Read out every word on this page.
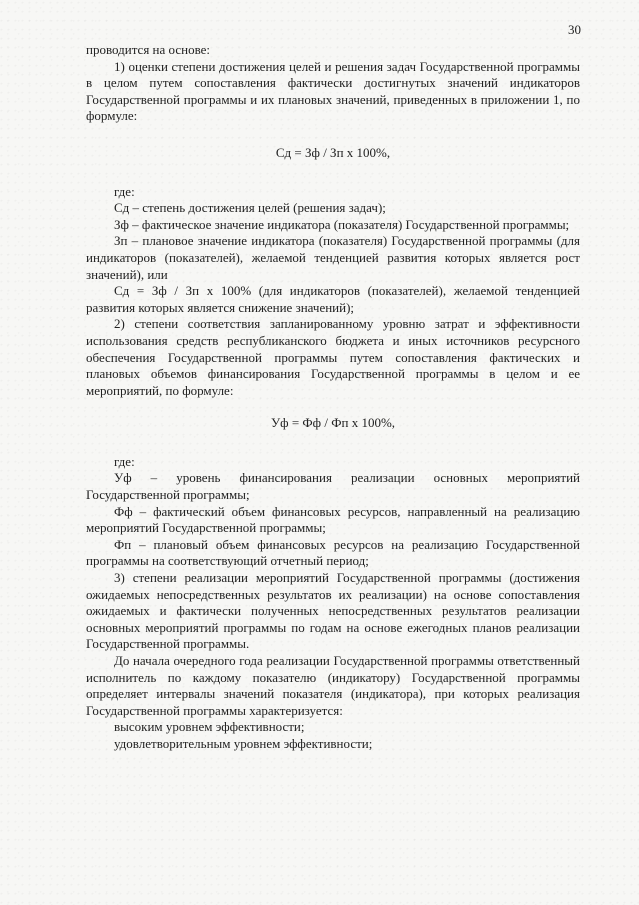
30

проводится на основе:

1) оценки степени достижения целей и решения задач Государственной программы в целом путем сопоставления фактически достигнутых значений индикаторов Государственной программы и их плановых значений, приведенных в приложении 1, по формуле:

Сд = Зф / Зп х 100%,

где:

Сд – степень достижения целей (решения задач);

Зф – фактическое значение индикатора (показателя) Государственной программы;

Зп – плановое значение индикатора (показателя) Государственной программы (для индикаторов (показателей), желаемой тенденцией развития которых является рост значений), или

Сд = Зф / Зп х 100% (для индикаторов (показателей), желаемой тенденцией развития которых является снижение значений);

2) степени соответствия запланированному уровню затрат и эффективности использования средств республиканского бюджета и иных источников ресурсного обеспечения Государственной программы путем сопоставления фактических и плановых объемов финансирования Государственной программы в целом и ее мероприятий, по формуле:

Уф = Фф / Фп х 100%,

где:

Уф – уровень финансирования реализации основных мероприятий Государственной программы;

Фф – фактический объем финансовых ресурсов, направленный на реализацию мероприятий Государственной программы;

Фп – плановый объем финансовых ресурсов на реализацию Государственной программы на соответствующий отчетный период;

3) степени реализации мероприятий Государственной программы (достижения ожидаемых непосредственных результатов их реализации) на основе сопоставления ожидаемых и фактически полученных непосредственных результатов реализации основных мероприятий программы по годам на основе ежегодных планов реализации Государственной программы.

До начала очередного года реализации Государственной программы ответственный исполнитель по каждому показателю (индикатору) Государственной программы определяет интервалы значений показателя (индикатора), при которых реализация Государственной программы характеризуется:

высоким уровнем эффективности;

удовлетворительным уровнем эффективности;
